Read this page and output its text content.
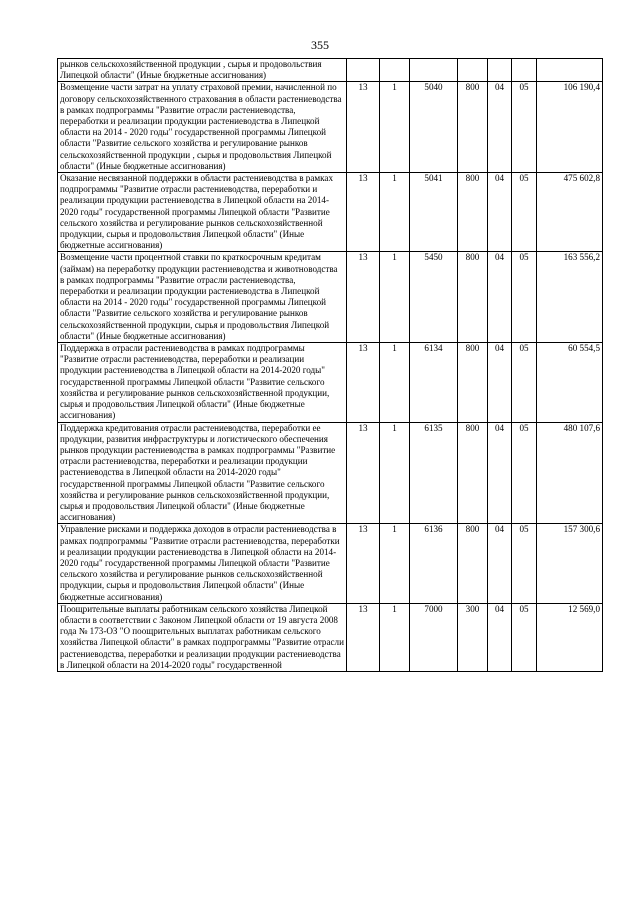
355
рынков сельскохозяйственной продукции , сырья и продовольствия Липецкой области" (Иные бюджетные ассигнования)							
Возмещение части затрат на уплату страховой премии, начисленной по договору сельскохозяйственного страхования в области растениеводства в рамках подпрограммы "Развитие отрасли растениеводства, переработки и реализации продукции растениеводства в Липецкой области на 2014 - 2020 годы" государственной программы Липецкой области "Развитие сельского хозяйства и регулирование рынков сельскохозяйственной продукции , сырья и продовольствия Липецкой области" (Иные бюджетные ассигнования)	13	1	5040	800	04	05	106 190,4
Оказание несвязанной поддержки в области растениеводства в рамках подпрограммы "Развитие отрасли растениеводства, переработки и реализации продукции растениеводства в Липецкой области на 2014-2020 годы" государственной программы Липецкой области "Развитие сельского хозяйства и регулирование рынков сельскохозяйственной продукции, сырья и продовольствия Липецкой области" (Иные бюджетные ассигнования)	13	1	5041	800	04	05	475 602,8
Возмещение части процентной ставки по краткосрочным кредитам (займам) на переработку продукции растениеводства и животноводства в рамках подпрограммы "Развитие отрасли растениеводства, переработки и реализации продукции растениеводства в Липецкой области на 2014 - 2020 годы" государственной программы Липецкой области "Развитие сельского хозяйства и регулирование рынков сельскохозяйственной продукции, сырья и продовольствия Липецкой области" (Иные бюджетные ассигнования)	13	1	5450	800	04	05	163 556,2
Поддержка в отрасли растениеводства в рамках подпрограммы "Развитие отрасли растениеводства, переработки и реализации продукции растениеводства в Липецкой области на 2014-2020 годы" государственной программы Липецкой области "Развитие сельского хозяйства и регулирование рынков сельскохозяйственной продукции, сырья и продовольствия Липецкой области" (Иные бюджетные ассигнования)	13	1	6134	800	04	05	60 554,5
Поддержка кредитования отрасли растениеводства, переработки ее продукции, развития инфраструктуры и логистического обеспечения рынков продукции растениеводства в рамках подпрограммы "Развитие отрасли растениеводства, переработки и реализации продукции растениеводства в Липецкой области на 2014-2020 годы" государственной программы Липецкой области "Развитие сельского хозяйства и регулирование рынков сельскохозяйственной продукции, сырья и продовольствия Липецкой области" (Иные бюджетные ассигнования)	13	1	6135	800	04	05	480 107,6
Управление рисками и поддержка доходов в отрасли растениеводства в рамках подпрограммы "Развитие отрасли растениеводства, переработки и реализации продукции растениеводства в Липецкой области на 2014-2020 годы" государственной программы Липецкой области "Развитие сельского хозяйства и регулирование рынков сельскохозяйственной продукции, сырья и продовольствия Липецкой области" (Иные бюджетные ассигнования)	13	1	6136	800	04	05	157 300,6
Поощрительные выплаты работникам сельского хозяйства Липецкой области в соответствии с Законом Липецкой области от 19 августа 2008 года № 173-ОЗ "О поощрительных выплатах работникам сельского хозяйства Липецкой области" в рамках подпрограммы "Развитие отрасли растениеводства, переработки и реализации продукции растениеводства в Липецкой области на 2014-2020 годы" государственной	13	1	7000	300	04	05	12 569,0
